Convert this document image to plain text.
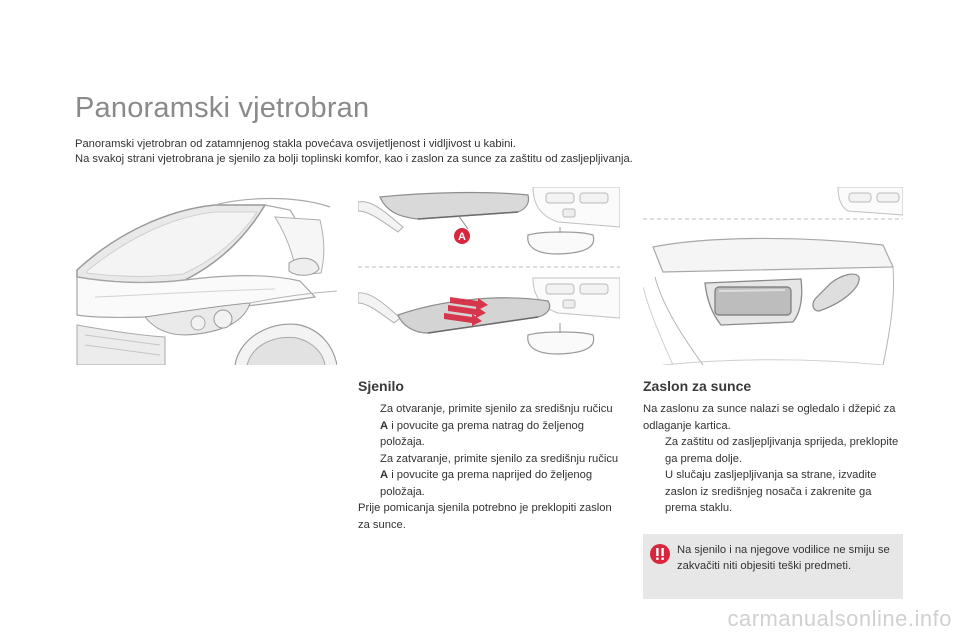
Panoramski vjetrobran
Panoramski vjetrobran od zatamnjenog stakla povećava osvijetljenost i vidljivost u kabini.
Na svakoj strani vjetrobrana je sjenilo za bolji toplinski komfor, kao i zaslon za sunce za zaštitu od zasljepljivanja.
A
Sjenilo
Za otvaranje, primite sjenilo za središnju ručicu A i povucite ga prema natrag do željenog položaja.
Za zatvaranje, primite sjenilo za središnju ručicu A i povucite ga prema naprijed do željenog položaja.
Prije pomicanja sjenila potrebno je preklopiti zaslon za sunce.
Zaslon za sunce
Na zaslonu za sunce nalazi se ogledalo i džepić za odlaganje kartica.
Za zaštitu od zasljepljivanja sprijeda, preklopite ga prema dolje.
U slučaju zasljepljivanja sa strane, izvadite zaslon iz središnjeg nosača i zakrenite ga prema staklu.
Na sjenilo i na njegove vodilice ne smiju se zakvačiti niti objesiti teški predmeti.
carmanualsonline.info
